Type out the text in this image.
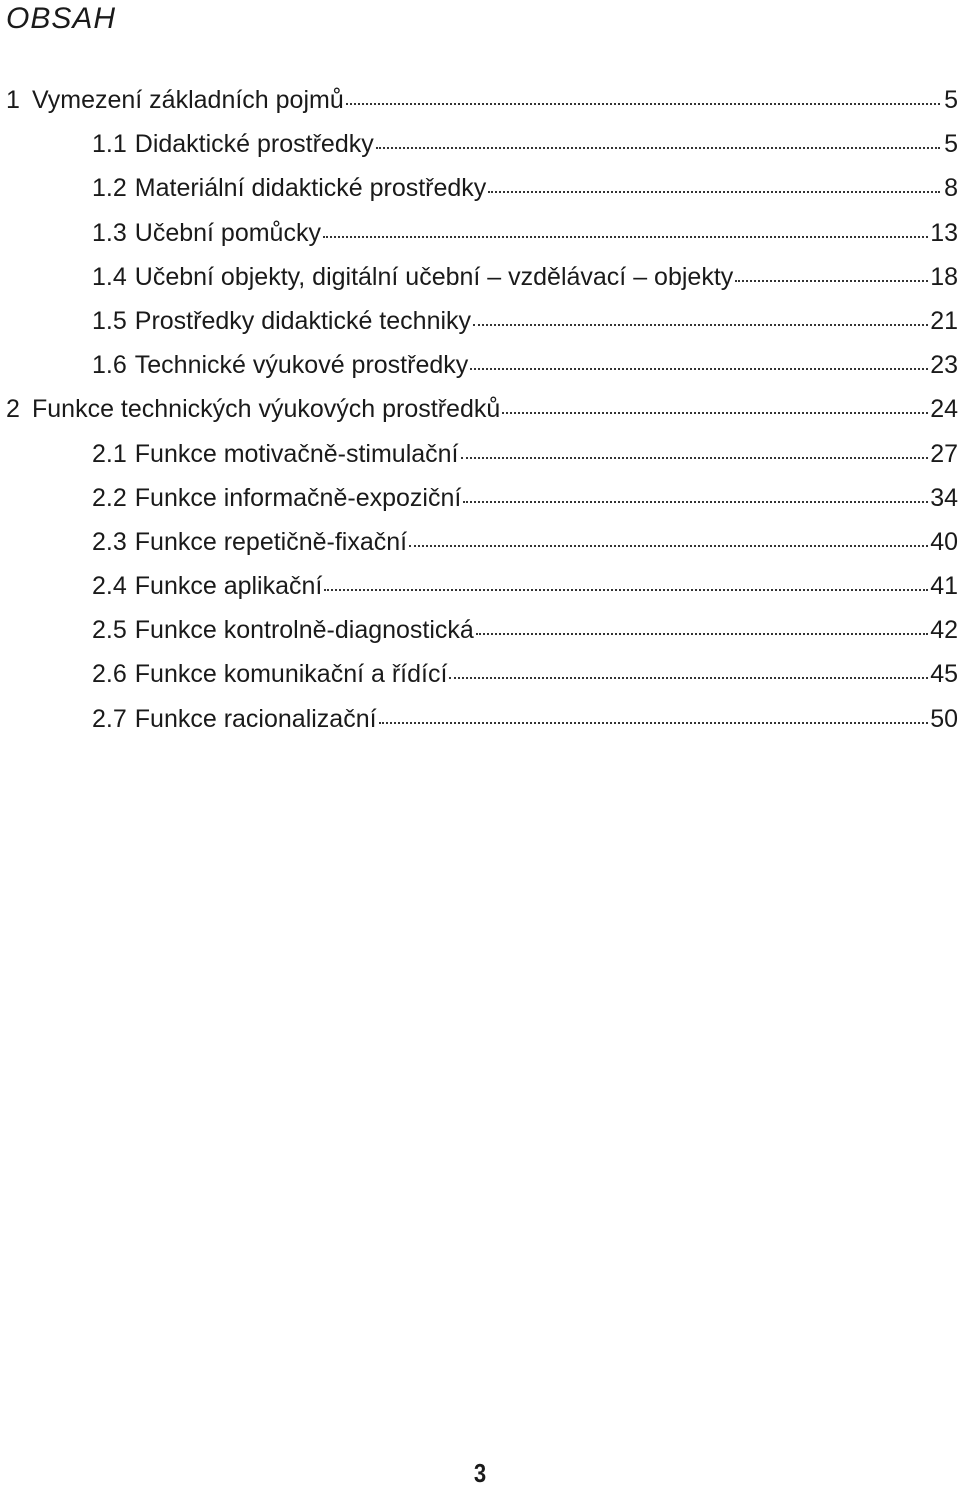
OBSAH
1 Vymezení základních pojmů	5
1.1 Didaktické prostředky	5
1.2 Materiální didaktické prostředky	8
1.3 Učební pomůcky	13
1.4 Učební objekty, digitální učební – vzdělávací – objekty	18
1.5 Prostředky didaktické techniky	21
1.6 Technické výukové prostředky	23
2 Funkce technických výukových prostředků	24
2.1 Funkce motivačně-stimulační	27
2.2 Funkce informačně-expoziční	34
2.3 Funkce repetičně-fixační	40
2.4 Funkce aplikační	41
2.5 Funkce kontrolně-diagnostická	42
2.6 Funkce komunikační a řídící	45
2.7 Funkce racionalizační	50
3
